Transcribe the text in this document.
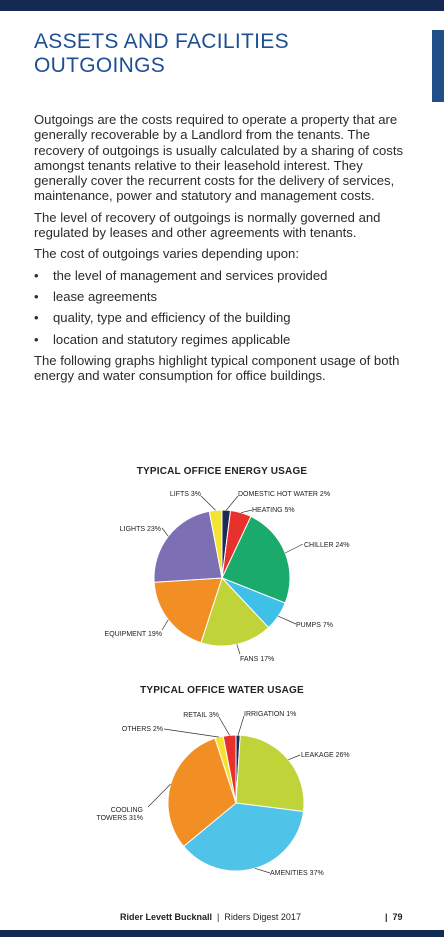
ASSETS AND FACILITIES OUTGOINGS

Outgoings are the costs required to operate a property that are generally recoverable by a Landlord from the tenants. The recovery of outgoings is usually calculated by a sharing of costs amongst tenants relative to their leasehold interest. They generally cover the recurrent costs for the delivery of services, maintenance, power and statutory and management costs.

The level of recovery of outgoings is normally governed and regulated by leases and other agreements with tenants.

The cost of outgoings varies depending upon:

• the level of management and services provided
• lease agreements
• quality, type and efficiency of the building
• location and statutory regimes applicable

The following graphs highlight typical component usage of both energy and water consumption for office buildings.

TYPICAL OFFICE ENERGY USAGE
DOMESTIC HOT WATER 2%
HEATING 5%
CHILLER 24%
PUMPS 7%
FANS 17%
EQUIPMENT 19%
LIGHTS 23%
LIFTS 3%
TYPICAL OFFICE WATER USAGE
IRRIGATION 1%
LEAKAGE 26%
AMENITIES 37%
COOLING
TOWERS 31%
OTHERS 2%
RETAIL 3%
Rider Levett Bucknall | Riders Digest 2017	| 79
